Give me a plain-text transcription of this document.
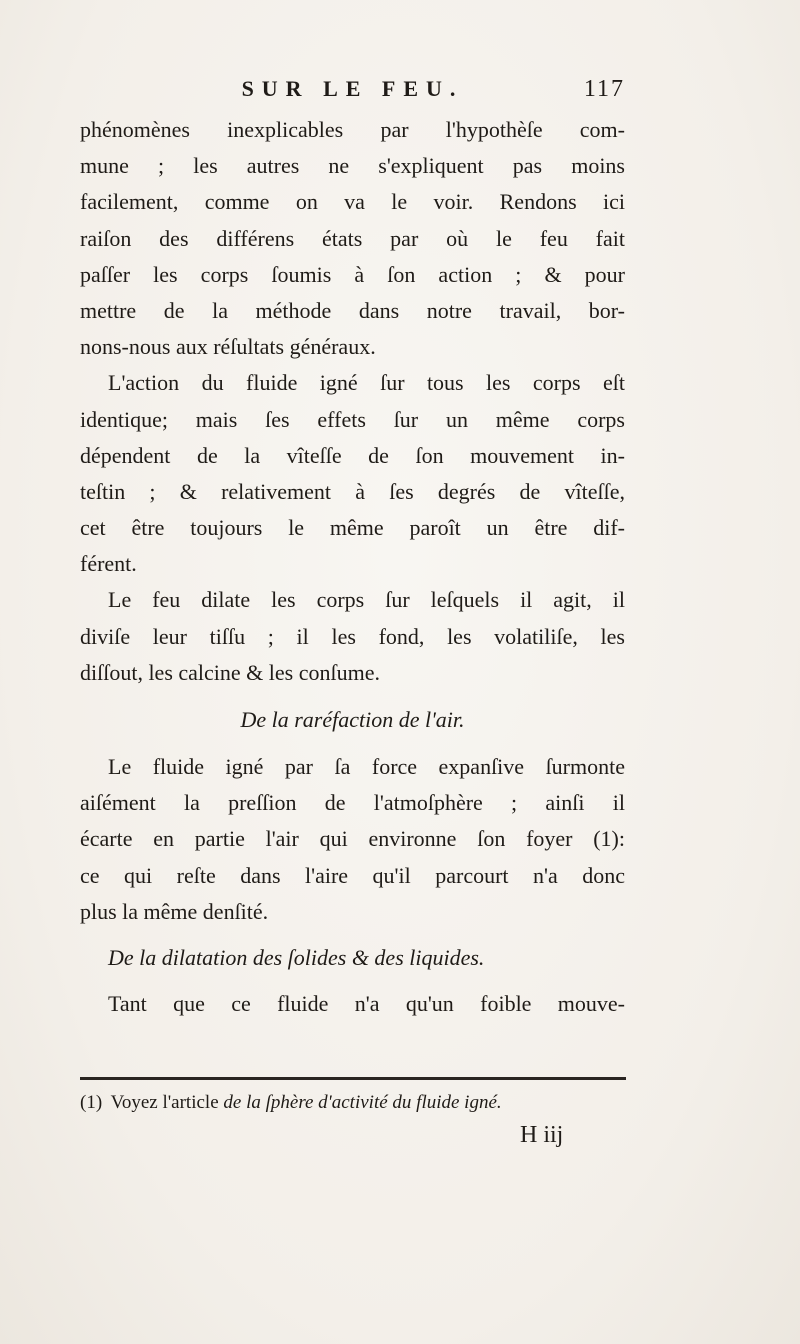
SUR LE FEU.	117
phénomènes inexplicables par l'hypothèſe com-
mune ; les autres ne s'expliquent pas moins
facilement, comme on va le voir. Rendons ici
raiſon des différens états par où le feu fait
paſſer les corps ſoumis à ſon action ; & pour
mettre de la méthode dans notre travail, bor-
nons-nous aux réſultats généraux.
L'action du fluide igné ſur tous les corps eſt
identique; mais ſes effets ſur un même corps
dépendent de la vîteſſe de ſon mouvement in-
teſtin ; & relativement à ſes degrés de vîteſſe,
cet être toujours le même paroît un être dif-
férent.
Le feu dilate les corps ſur leſquels il agit, il
diviſe leur tiſſu ; il les fond, les volatiliſe, les
diſſout, les calcine & les conſume.
De la raréfaction de l'air.
Le fluide igné par ſa force expanſive ſurmonte
aiſément la preſſion de l'atmoſphère ; ainſi il
écarte en partie l'air qui environne ſon foyer (1):
ce qui reſte dans l'aire qu'il parcourt n'a donc
plus la même denſité.
De la dilatation des ſolides & des liquides.
Tant que ce fluide n'a qu'un foible mouve-
(1) Voyez l'article de la ſphère d'activité du fluide igné.
H iij
